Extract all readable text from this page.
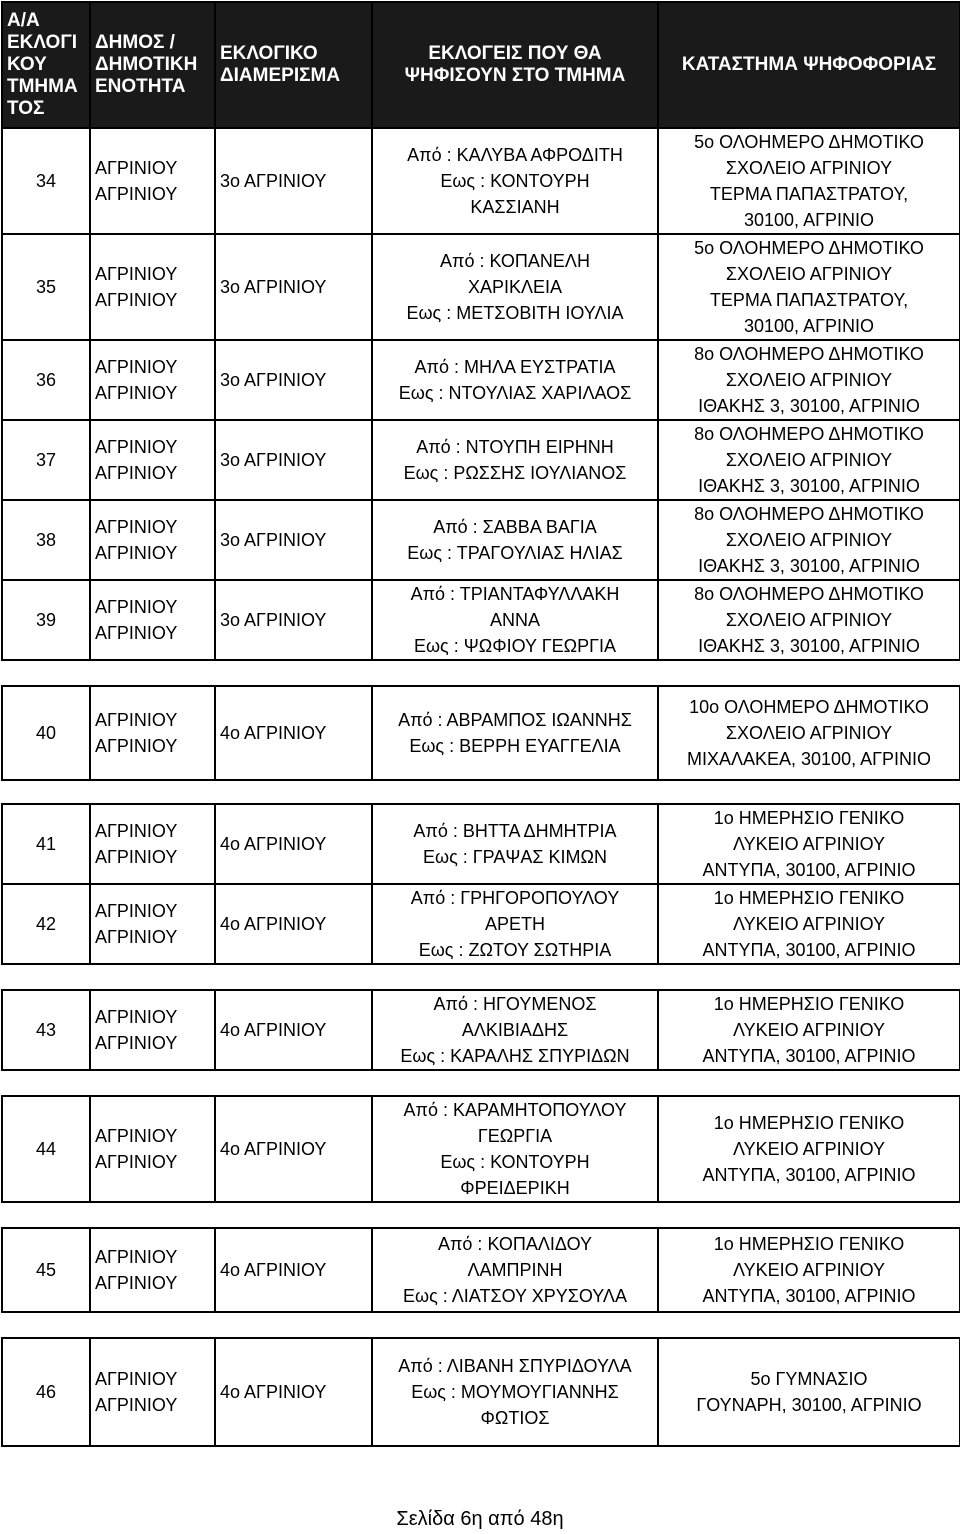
Α/Α
ΕΚΛΟΓΙ
ΚΟΥ
ΤΜΗΜΑ
ΤΟΣ	ΔΗΜΟΣ /
ΔΗΜΟΤΙΚΗ
ΕΝΟΤΗΤΑ	ΕΚΛΟΓΙΚΟ
ΔΙΑΜΕΡΙΣΜΑ	ΕΚΛΟΓΕΙΣ ΠΟΥ ΘΑ
ΨΗΦΙΣΟΥΝ ΣΤΟ ΤΜΗΜΑ	ΚΑΤΑΣΤΗΜΑ ΨΗΦΟΦΟΡΙΑΣ

34	ΑΓΡΙΝΙΟΥ
ΑΓΡΙΝΙΟΥ	3ο ΑΓΡΙΝΙΟΥ	Από : ΚΑΛΥΒΑ ΑΦΡΟΔΙΤΗ
Εως : ΚΟΝΤΟΥΡΗ
ΚΑΣΣΙΑΝΗ	5ο ΟΛΟΗΜΕΡΟ ΔΗΜΟΤΙΚΟ
ΣΧΟΛΕΙΟ ΑΓΡΙΝΙΟΥ
ΤΕΡΜΑ ΠΑΠΑΣΤΡΑΤΟΥ,
30100, ΑΓΡΙΝΙΟ

35	ΑΓΡΙΝΙΟΥ
ΑΓΡΙΝΙΟΥ	3ο ΑΓΡΙΝΙΟΥ	Από : ΚΟΠΑΝΕΛΗ
ΧΑΡΙΚΛΕΙΑ
Εως : ΜΕΤΣΟΒΙΤΗ ΙΟΥΛΙΑ	5ο ΟΛΟΗΜΕΡΟ ΔΗΜΟΤΙΚΟ
ΣΧΟΛΕΙΟ ΑΓΡΙΝΙΟΥ
ΤΕΡΜΑ ΠΑΠΑΣΤΡΑΤΟΥ,
30100, ΑΓΡΙΝΙΟ

36	ΑΓΡΙΝΙΟΥ
ΑΓΡΙΝΙΟΥ	3ο ΑΓΡΙΝΙΟΥ	Από : ΜΗΛΑ ΕΥΣΤΡΑΤΙΑ
Εως : ΝΤΟΥΛΙΑΣ ΧΑΡΙΛΑΟΣ	8ο ΟΛΟΗΜΕΡΟ ΔΗΜΟΤΙΚΟ
ΣΧΟΛΕΙΟ ΑΓΡΙΝΙΟΥ
ΙΘΑΚΗΣ 3, 30100, ΑΓΡΙΝΙΟ

37	ΑΓΡΙΝΙΟΥ
ΑΓΡΙΝΙΟΥ	3ο ΑΓΡΙΝΙΟΥ	Από : ΝΤΟΥΠΗ ΕΙΡΗΝΗ
Εως : ΡΩΣΣΗΣ ΙΟΥΛΙΑΝΟΣ	8ο ΟΛΟΗΜΕΡΟ ΔΗΜΟΤΙΚΟ
ΣΧΟΛΕΙΟ ΑΓΡΙΝΙΟΥ
ΙΘΑΚΗΣ 3, 30100, ΑΓΡΙΝΙΟ

38	ΑΓΡΙΝΙΟΥ
ΑΓΡΙΝΙΟΥ	3ο ΑΓΡΙΝΙΟΥ	Από : ΣΑΒΒΑ ΒΑΓΙΑ
Εως : ΤΡΑΓΟΥΛΙΑΣ ΗΛΙΑΣ	8ο ΟΛΟΗΜΕΡΟ ΔΗΜΟΤΙΚΟ
ΣΧΟΛΕΙΟ ΑΓΡΙΝΙΟΥ
ΙΘΑΚΗΣ 3, 30100, ΑΓΡΙΝΙΟ

39	ΑΓΡΙΝΙΟΥ
ΑΓΡΙΝΙΟΥ	3ο ΑΓΡΙΝΙΟΥ	Από : ΤΡΙΑΝΤΑΦΥΛΛΑΚΗ
ΑΝΝΑ
Εως : ΨΩΦΙΟΥ ΓΕΩΡΓΙΑ	8ο ΟΛΟΗΜΕΡΟ ΔΗΜΟΤΙΚΟ
ΣΧΟΛΕΙΟ ΑΓΡΙΝΙΟΥ
ΙΘΑΚΗΣ 3, 30100, ΑΓΡΙΝΙΟ

40	ΑΓΡΙΝΙΟΥ
ΑΓΡΙΝΙΟΥ	4ο ΑΓΡΙΝΙΟΥ	Από : ΑΒΡΑΜΠΟΣ ΙΩΑΝΝΗΣ
Εως : ΒΕΡΡΗ ΕΥΑΓΓΕΛΙΑ	10ο ΟΛΟΗΜΕΡΟ ΔΗΜΟΤΙΚΟ
ΣΧΟΛΕΙΟ ΑΓΡΙΝΙΟΥ
ΜΙΧΑΛΑΚΕΑ, 30100, ΑΓΡΙΝΙΟ

41	ΑΓΡΙΝΙΟΥ
ΑΓΡΙΝΙΟΥ	4ο ΑΓΡΙΝΙΟΥ	Από : ΒΗΤΤΑ ΔΗΜΗΤΡΙΑ
Εως : ΓΡΑΨΑΣ ΚΙΜΩΝ	1ο ΗΜΕΡΗΣΙΟ ΓΕΝΙΚΟ
ΛΥΚΕΙΟ ΑΓΡΙΝΙΟΥ
ΑΝΤΥΠΑ, 30100, ΑΓΡΙΝΙΟ

42	ΑΓΡΙΝΙΟΥ
ΑΓΡΙΝΙΟΥ	4ο ΑΓΡΙΝΙΟΥ	Από : ΓΡΗΓΟΡΟΠΟΥΛΟΥ
ΑΡΕΤΗ
Εως : ΖΩΤΟΥ ΣΩΤΗΡΙΑ	1ο ΗΜΕΡΗΣΙΟ ΓΕΝΙΚΟ
ΛΥΚΕΙΟ ΑΓΡΙΝΙΟΥ
ΑΝΤΥΠΑ, 30100, ΑΓΡΙΝΙΟ

43	ΑΓΡΙΝΙΟΥ
ΑΓΡΙΝΙΟΥ	4ο ΑΓΡΙΝΙΟΥ	Από : ΗΓΟΥΜΕΝΟΣ
ΑΛΚΙΒΙΑΔΗΣ
Εως : ΚΑΡΑΛΗΣ ΣΠΥΡΙΔΩΝ	1ο ΗΜΕΡΗΣΙΟ ΓΕΝΙΚΟ
ΛΥΚΕΙΟ ΑΓΡΙΝΙΟΥ
ΑΝΤΥΠΑ, 30100, ΑΓΡΙΝΙΟ

44	ΑΓΡΙΝΙΟΥ
ΑΓΡΙΝΙΟΥ	4ο ΑΓΡΙΝΙΟΥ	Από : ΚΑΡΑΜΗΤΟΠΟΥΛΟΥ
ΓΕΩΡΓΙΑ
Εως : ΚΟΝΤΟΥΡΗ
ΦΡΕΙΔΕΡΙΚΗ	1ο ΗΜΕΡΗΣΙΟ ΓΕΝΙΚΟ
ΛΥΚΕΙΟ ΑΓΡΙΝΙΟΥ
ΑΝΤΥΠΑ, 30100, ΑΓΡΙΝΙΟ

45	ΑΓΡΙΝΙΟΥ
ΑΓΡΙΝΙΟΥ	4ο ΑΓΡΙΝΙΟΥ	Από : ΚΟΠΑΛΙΔΟΥ
ΛΑΜΠΡΙΝΗ
Εως : ΛΙΑΤΣΟΥ ΧΡΥΣΟΥΛΑ	1ο ΗΜΕΡΗΣΙΟ ΓΕΝΙΚΟ
ΛΥΚΕΙΟ ΑΓΡΙΝΙΟΥ
ΑΝΤΥΠΑ, 30100, ΑΓΡΙΝΙΟ

46	ΑΓΡΙΝΙΟΥ
ΑΓΡΙΝΙΟΥ	4ο ΑΓΡΙΝΙΟΥ	Από : ΛΙΒΑΝΗ ΣΠΥΡΙΔΟΥΛΑ
Εως : ΜΟΥΜΟΥΓΙΑΝΝΗΣ
ΦΩΤΙΟΣ	5ο ΓΥΜΝΑΣΙΟ
ΓΟΥΝΑΡΗ, 30100, ΑΓΡΙΝΙΟ
Σελίδα 6η από 48η
